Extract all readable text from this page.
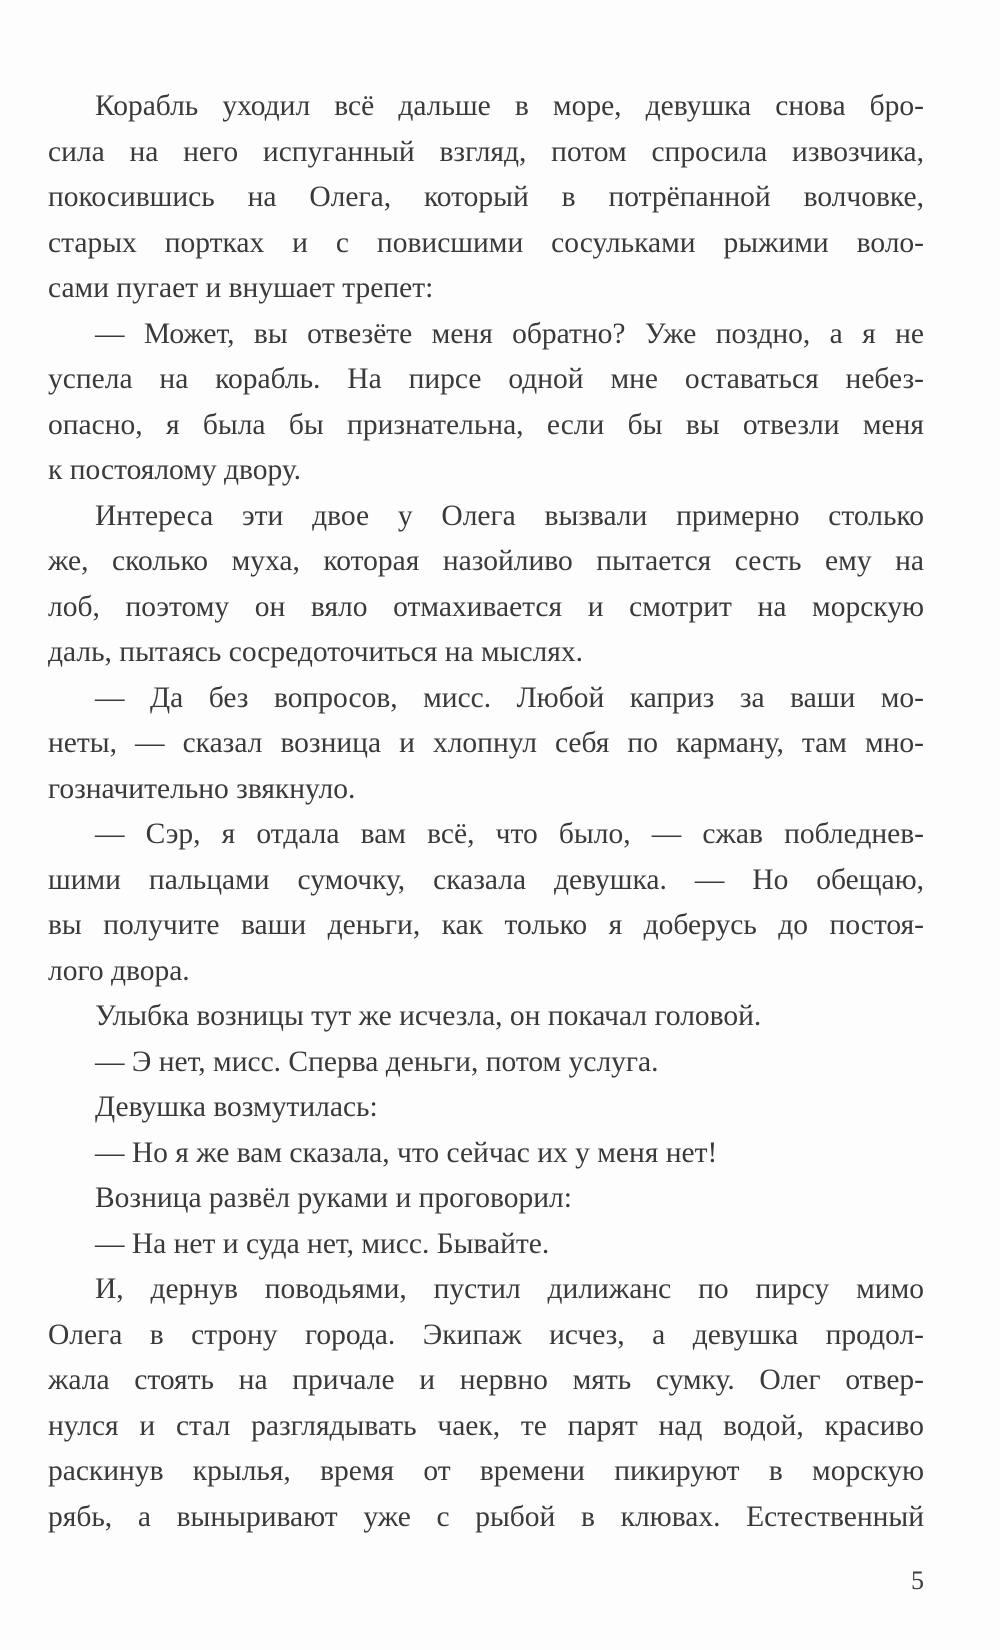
Корабль уходил всё дальше в море, девушка снова бро-
сила на него испуганный взгляд, потом спросила извозчика,
покосившись на Олега, который в потрёпанной волчовке,
старых портках и с повисшими сосульками рыжими воло-
сами пугает и внушает трепет:

— Может, вы отвезёте меня обратно? Уже поздно, а я не
успела на корабль. На пирсе одной мне оставаться небез-
опасно, я была бы признательна, если бы вы отвезли меня
к постоялому двору.

Интереса эти двое у Олега вызвали примерно столько
же, сколько муха, которая назойливо пытается сесть ему на
лоб, поэтому он вяло отмахивается и смотрит на морскую
даль, пытаясь сосредоточиться на мыслях.

— Да без вопросов, мисс. Любой каприз за ваши мо-
неты, — сказал возница и хлопнул себя по карману, там мно-
гозначительно звякнуло.

— Сэр, я отдала вам всё, что было, — сжав побледнев-
шими пальцами сумочку, сказала девушка. — Но обещаю,
вы получите ваши деньги, как только я доберусь до постоя-
лого двора.

Улыбка возницы тут же исчезла, он покачал головой.

— Э нет, мисс. Сперва деньги, потом услуга.

Девушка возмутилась:

— Но я же вам сказала, что сейчас их у меня нет!

Возница развёл руками и проговорил:

— На нет и суда нет, мисс. Бывайте.

И, дернув поводьями, пустил дилижанс по пирсу мимо
Олега в строну города. Экипаж исчез, а девушка продол-
жала стоять на причале и нервно мять сумку. Олег отвер-
нулся и стал разглядывать чаек, те парят над водой, красиво
раскинув крылья, время от времени пикируют в морскую
рябь, а выныривают уже с рыбой в клювах. Естественный

5
